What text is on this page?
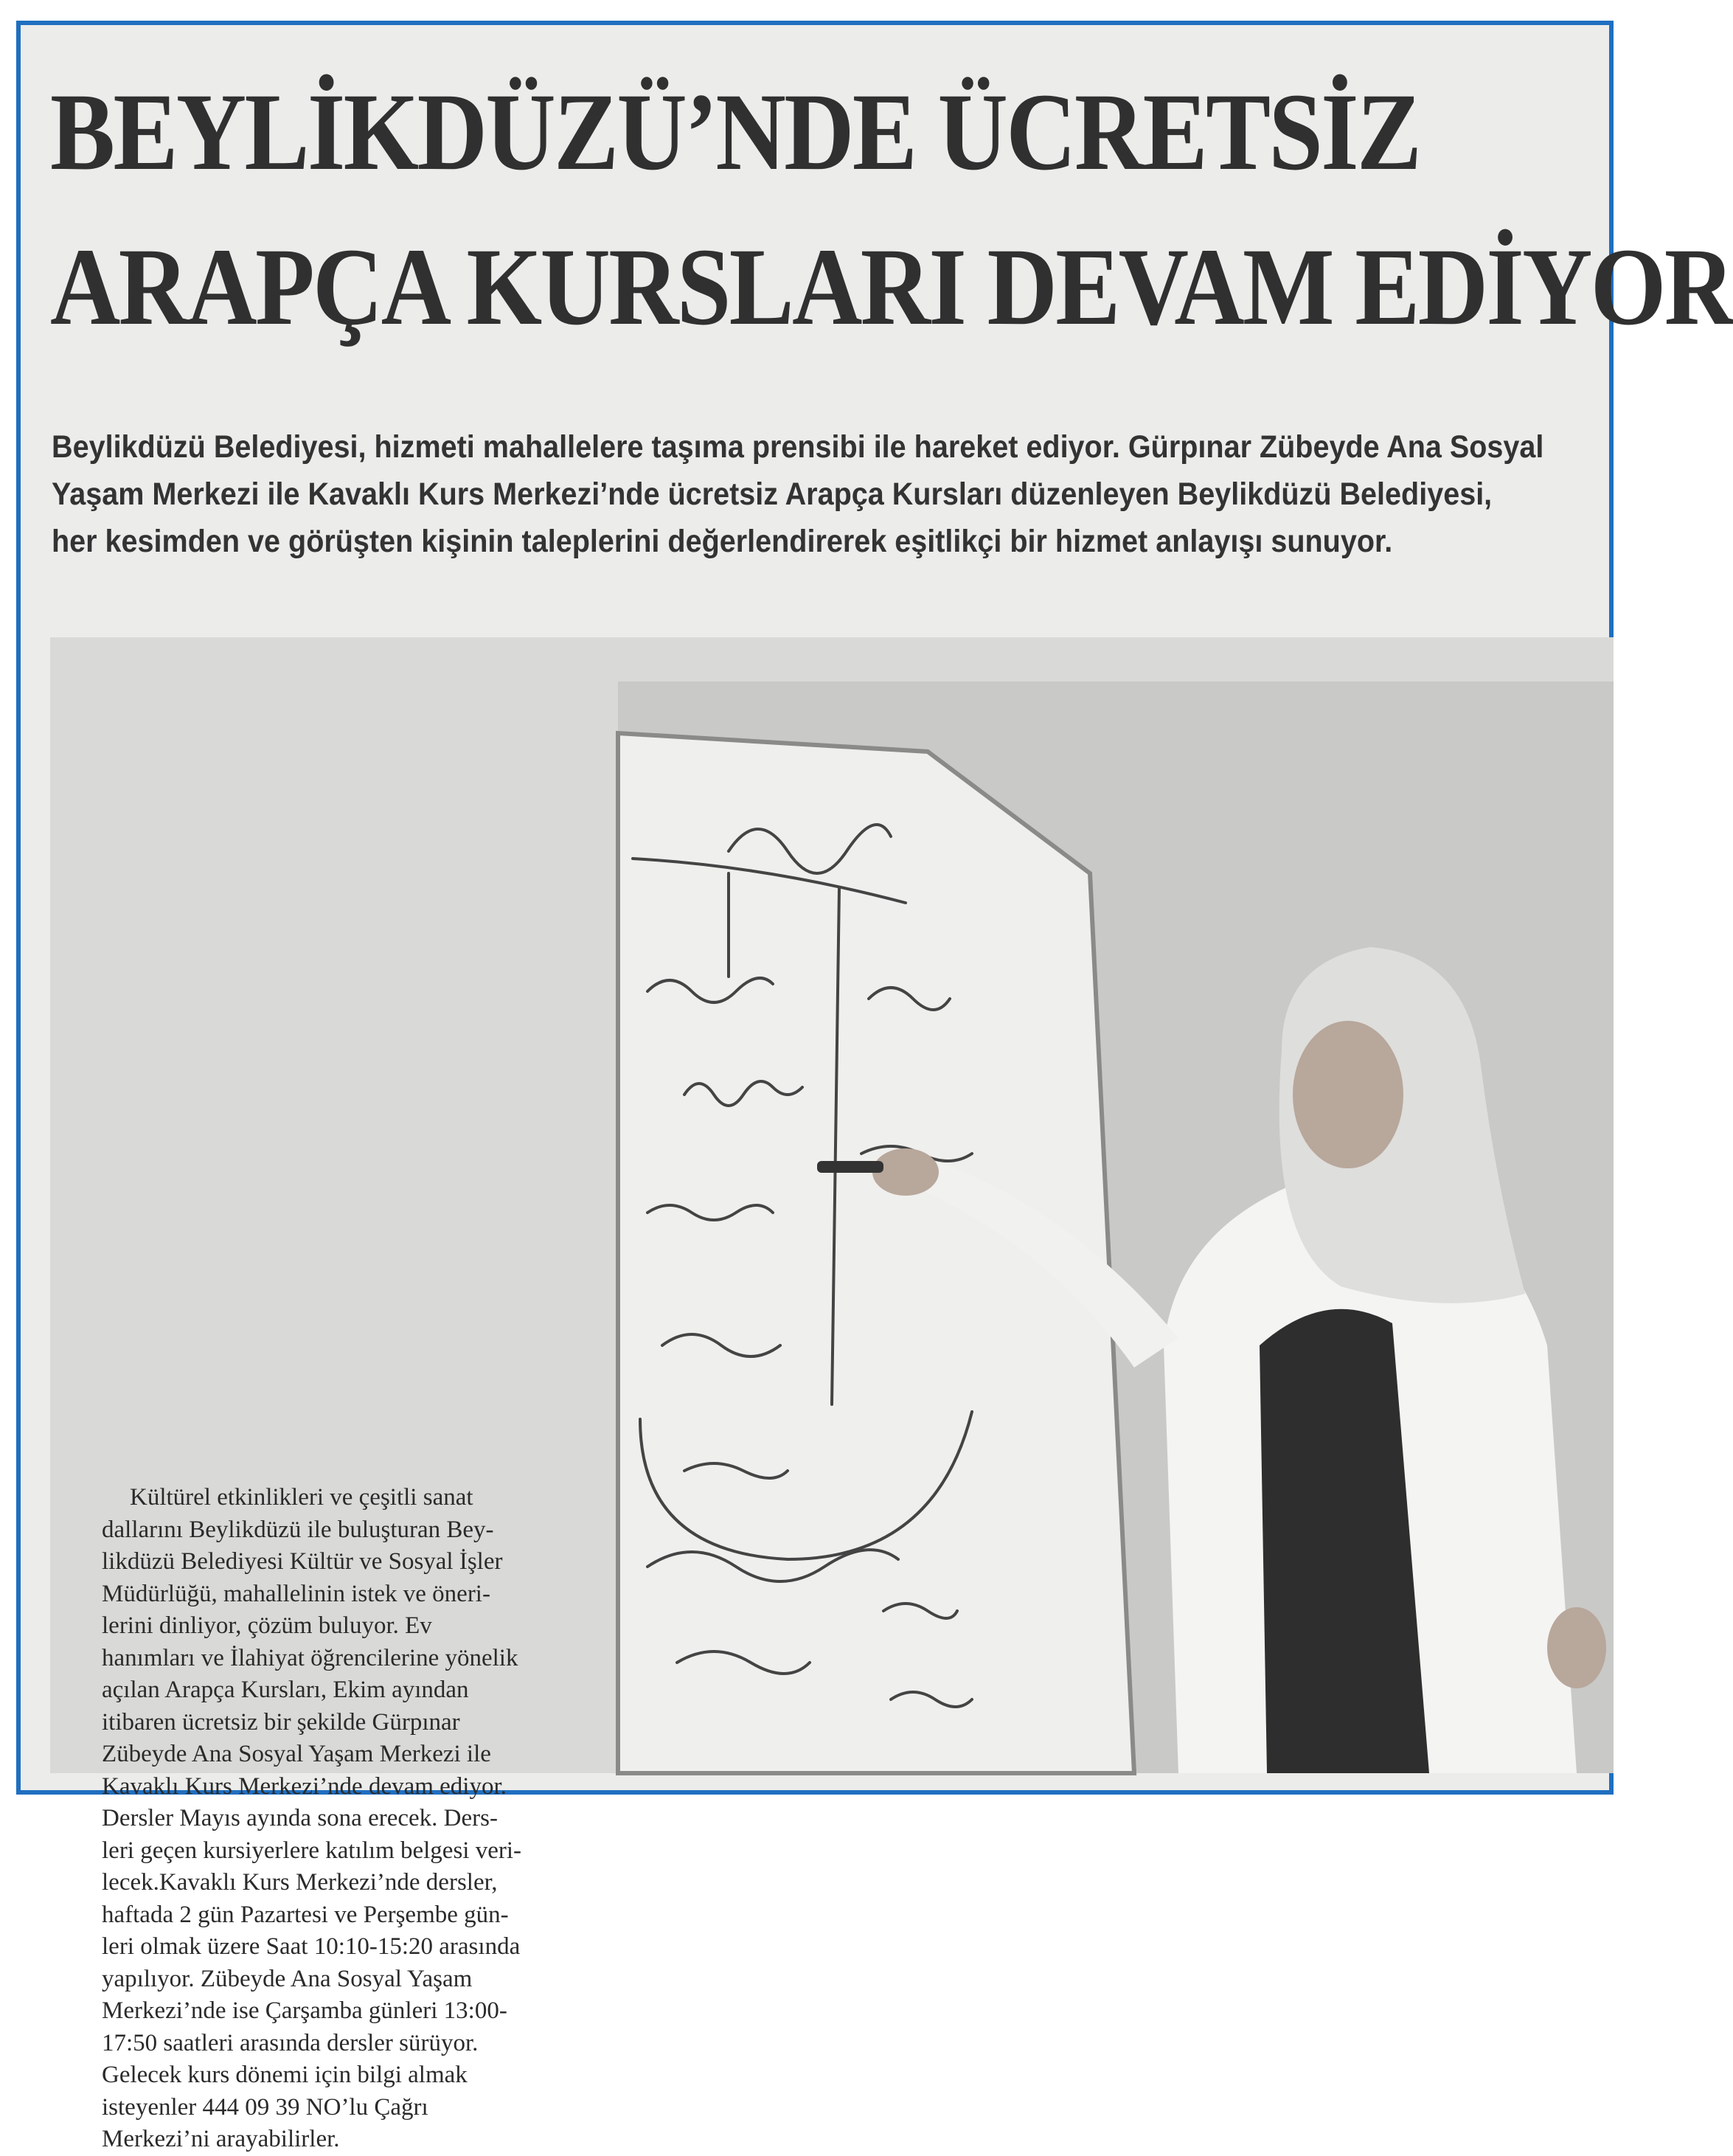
BEYLİKDÜZÜ’NDE ÜCRETSİZ
ARAPÇA KURSLARI DEVAM EDİYOR

Beylikdüzü Belediyesi, hizmeti mahallelere taşıma prensibi ile hareket ediyor. Gürpınar Zübeyde Ana Sosyal
Yaşam Merkezi ile Kavaklı Kurs Merkezi’nde ücretsiz Arapça Kursları düzenleyen Beylikdüzü Belediyesi,
her kesimden ve görüşten kişinin taleplerini değerlendirerek eşitlikçi bir hizmet anlayışı sunuyor.

Kültürel etkinlikleri ve çeşitli sanat
dallarını Beylikdüzü ile buluşturan Bey-
likdüzü Belediyesi Kültür ve Sosyal İşler
Müdürlüğü, mahallelinin istek ve öneri-
lerini dinliyor, çözüm buluyor. Ev
hanımları ve İlahiyat öğrencilerine yönelik
açılan Arapça Kursları, Ekim ayından
itibaren ücretsiz bir şekilde Gürpınar
Zübeyde Ana Sosyal Yaşam Merkezi ile
Kavaklı Kurs Merkezi’nde devam ediyor.
Dersler Mayıs ayında sona erecek. Ders-
leri geçen kursiyerlere katılım belgesi veri-
lecek.Kavaklı Kurs Merkezi’nde dersler,
haftada 2 gün Pazartesi ve Perşembe gün-
leri olmak üzere Saat 10:10-15:20 arasında
yapılıyor. Zübeyde Ana Sosyal Yaşam
Merkezi’nde ise Çarşamba günleri 13:00-
17:50 saatleri arasında dersler sürüyor.
Gelecek kurs dönemi için bilgi almak
isteyenler 444 09 39 NO’lu Çağrı
Merkezi’ni arayabilirler.
